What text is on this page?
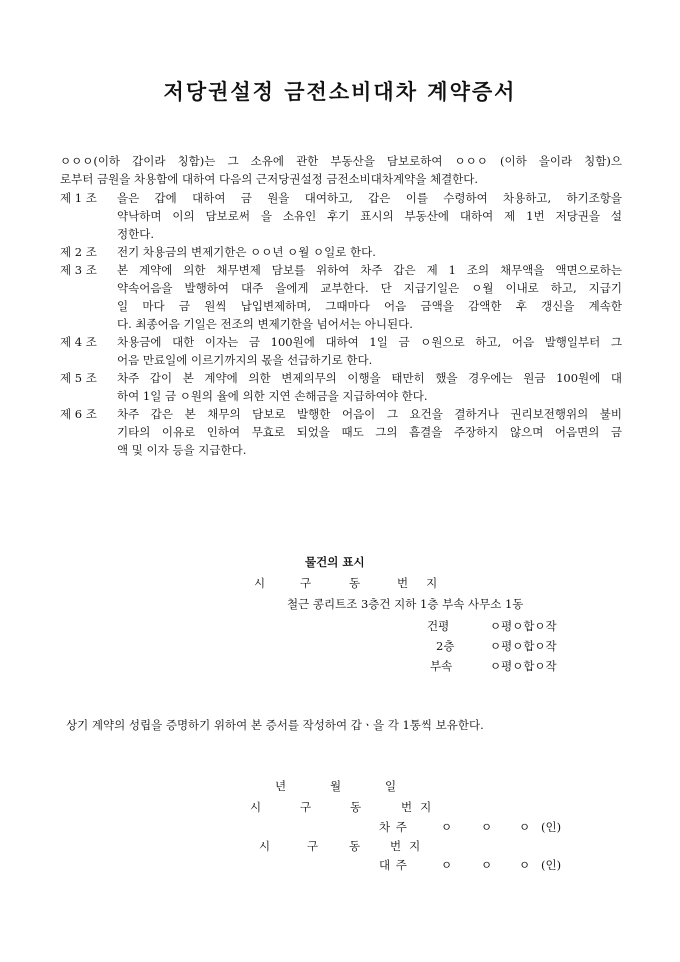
저당권설정 금전소비대차 계약증서
ㅇㅇㅇ(이하 갑이라 칭함)는 그 소유에 관한 부동산을 담보로하여 ㅇㅇㅇ (이하 을이라 칭함)으
로부터 금원을 차용함에 대하여 다음의 근저당권설정 금전소비대차계약을 체결한다.
제 1 조	을은 갑에 대하여 금 원을 대여하고, 갑은 이를 수령하여 차용하고, 하기조항을
약낙하며 이의 담보로써 을 소유인 후기 표시의 부동산에 대하여 제 1번 저당권을 설
정한다.
제 2 조	전기 차용금의 변제기한은 ㅇㅇ년 ㅇ월 ㅇ일로 한다.
제 3 조	본 계약에 의한 채무변제 담보를 위하여 차주 갑은 제 1 조의 채무액을 액면으로하는
약속어음을 발행하여 대주 을에게 교부한다. 단 지급기일은 ㅇ월 이내로 하고, 지급기
일 마다 금 원씩 납입변제하며, 그때마다 어음 금액을 감액한 후 갱신을 계속한
다. 최종어음 기일은 전조의 변제기한을 넘어서는 아니된다.
제 4 조	차용금에 대한 이자는 금 100원에 대하여 1일 금 ㅇ원으로 하고, 어음 발행일부터 그
어음 만료일에 이르기까지의 몫을 선급하기로 한다.
제 5 조	차주 갑이 본 계약에 의한 변제의무의 이행을 태만히 했을 경우에는 원금 100원에 대
하여 1일 금 ㅇ원의 율에 의한 지연 손해금을 지급하여야 한다.
제 6 조	차주 갑은 본 채무의 담보로 발행한 어음이 그 요건을 결하거나 권리보전행위의 불비
기타의 이유로 인하여 무효로 되었을 때도 그의 흠결을 주장하지 않으며 어음면의 금
액 및 이자 등을 지급한다.
물건의 표시
시	구	동	번지
철근 콩리트조 3층건 지하 1층 부속 사무소 1동
건평	ㅇ평ㅇ합ㅇ작
2층	ㅇ평ㅇ합ㅇ작
부속	ㅇ평ㅇ합ㅇ작
상기 계약의 성립을 증명하기 위하여 본 증서를 작성하여 갑ㆍ을 각 1통씩 보유한다.
년	월	일
시	구	동	번지
차 주	ㅇ	ㅇ ㅇ (인)
시	구	동	번지
대 주	ㅇ	ㅇ ㅇ (인)
